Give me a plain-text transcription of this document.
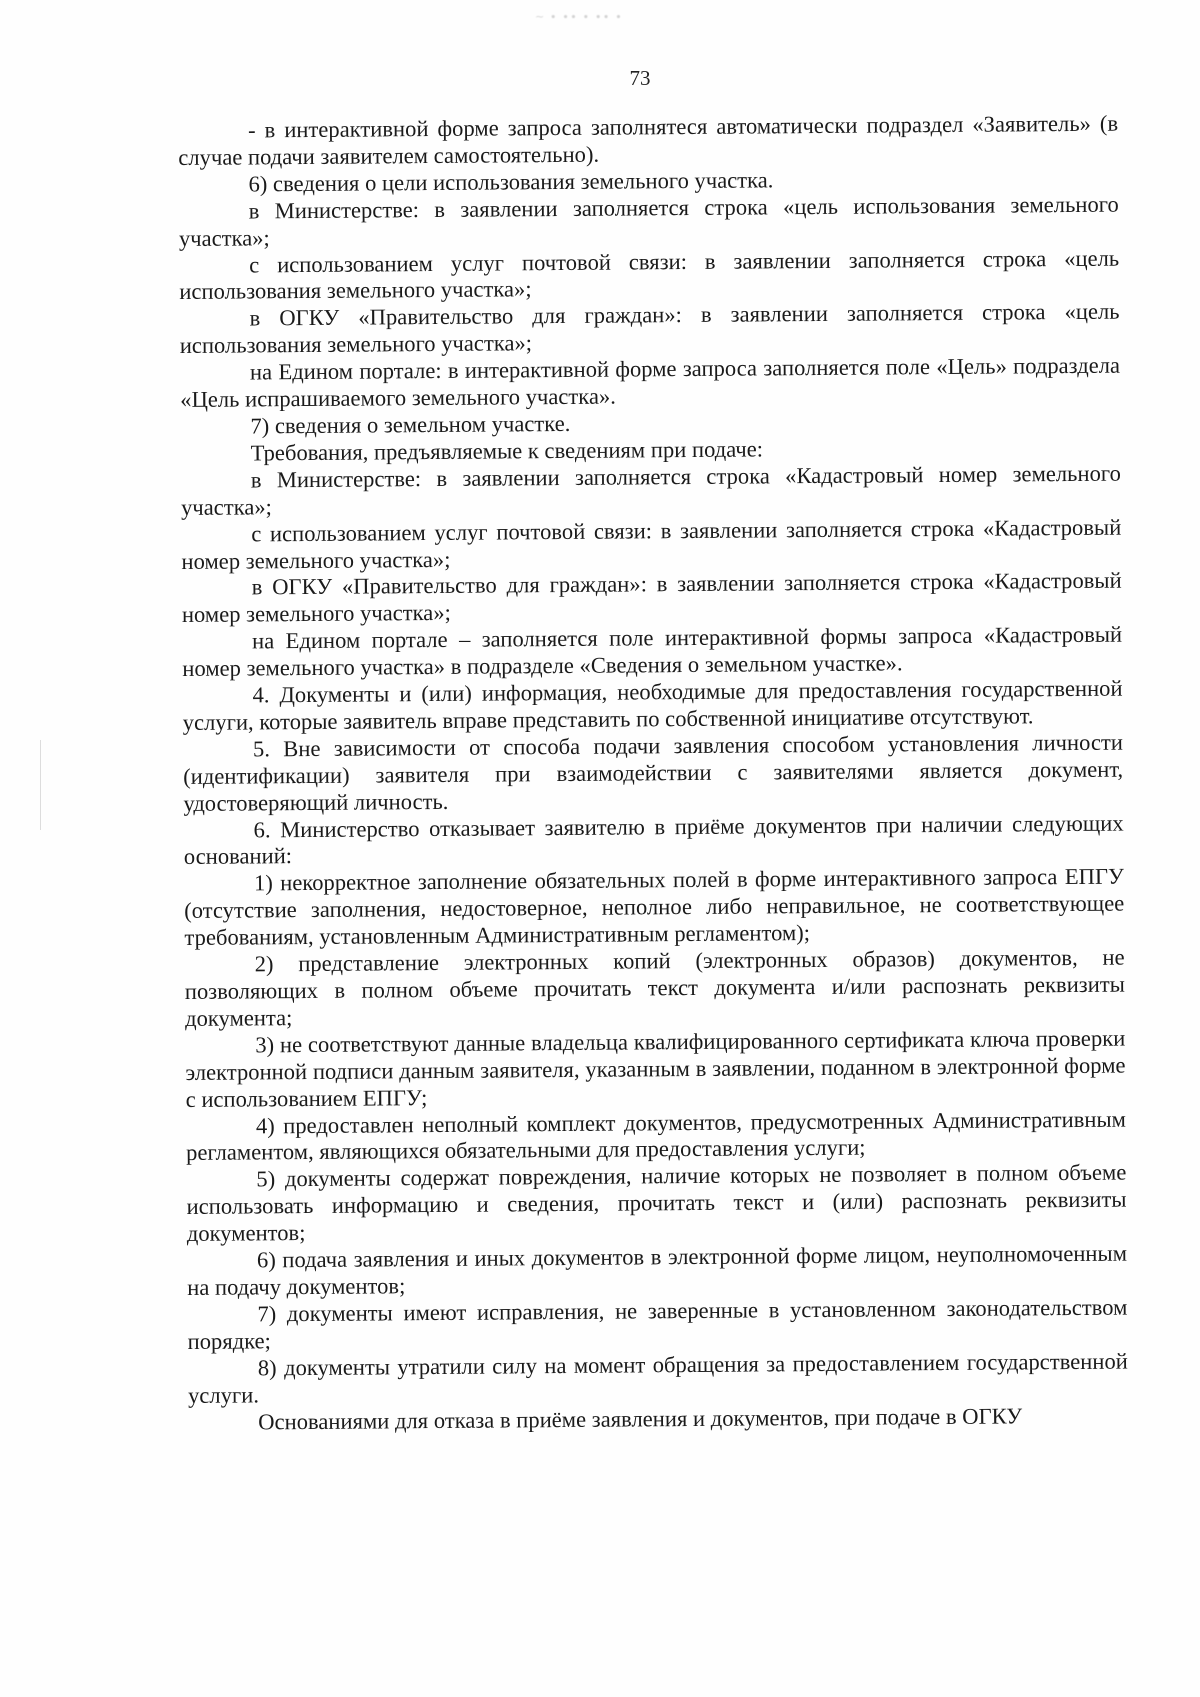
~ ∙ ∙∙ ∙ ∙∙ ∙
73

- в интерактивной форме запроса заполнятеся автоматически подраздел «Заявитель» (в случае подачи заявителем самостоятельно).

6) сведения о цели использования земельного участка.

в Министерстве: в заявлении заполняется строка «цель использования земельного участка»;

с использованием услуг почтовой связи: в заявлении заполняется строка «цель использования земельного участка»;

в ОГКУ «Правительство для граждан»: в заявлении заполняется строка «цель использования земельного участка»;

на Едином портале: в интерактивной форме запроса заполняется поле «Цель» подраздела «Цель испрашиваемого земельного участка».

7) сведения о земельном участке.

Требования, предъявляемые к сведениям при подаче:

в Министерстве: в заявлении заполняется строка «Кадастровый номер земельного участка»;

с использованием услуг почтовой связи: в заявлении заполняется строка «Кадастровый номер земельного участка»;

в ОГКУ «Правительство для граждан»: в заявлении заполняется строка «Кадастровый номер земельного участка»;

на Едином портале – заполняется поле интерактивной формы запроса «Кадастровый номер земельного участка» в подразделе «Сведения о земельном участке».

4. Документы и (или) информация, необходимые для предоставления государственной услуги, которые заявитель вправе представить по собственной инициативе отсутствуют.

5. Вне зависимости от способа подачи заявления способом установления личности (идентификации) заявителя при взаимодействии с заявителями является документ, удостоверяющий личность.

6. Министерство отказывает заявителю в приёме документов при наличии следующих оснований:

1) некорректное заполнение обязательных полей в форме интерактивного запроса ЕПГУ (отсутствие заполнения, недостоверное, неполное либо неправильное, не соответствующее требованиям, установленным Административным регламентом);

2) представление электронных копий (электронных образов) документов, не позволяющих в полном объеме прочитать текст документа и/или распознать реквизиты документа;

3) не соответствуют данные владельца квалифицированного сертификата ключа проверки электронной подписи данным заявителя, указанным в заявлении, поданном в электронной форме с использованием ЕПГУ;

4) предоставлен неполный комплект документов, предусмотренных Административным регламентом, являющихся обязательными для предоставления услуги;

5) документы содержат повреждения, наличие которых не позволяет в полном объеме использовать информацию и сведения, прочитать текст и (или) распознать реквизиты документов;

6) подача заявления и иных документов в электронной форме лицом, неуполномоченным на подачу документов;

7) документы имеют исправления, не заверенные в установленном законодательством порядке;

8) документы утратили силу на момент обращения за предоставлением государственной услуги.

Основаниями для отказа в приёме заявления и документов, при подаче в ОГКУ
